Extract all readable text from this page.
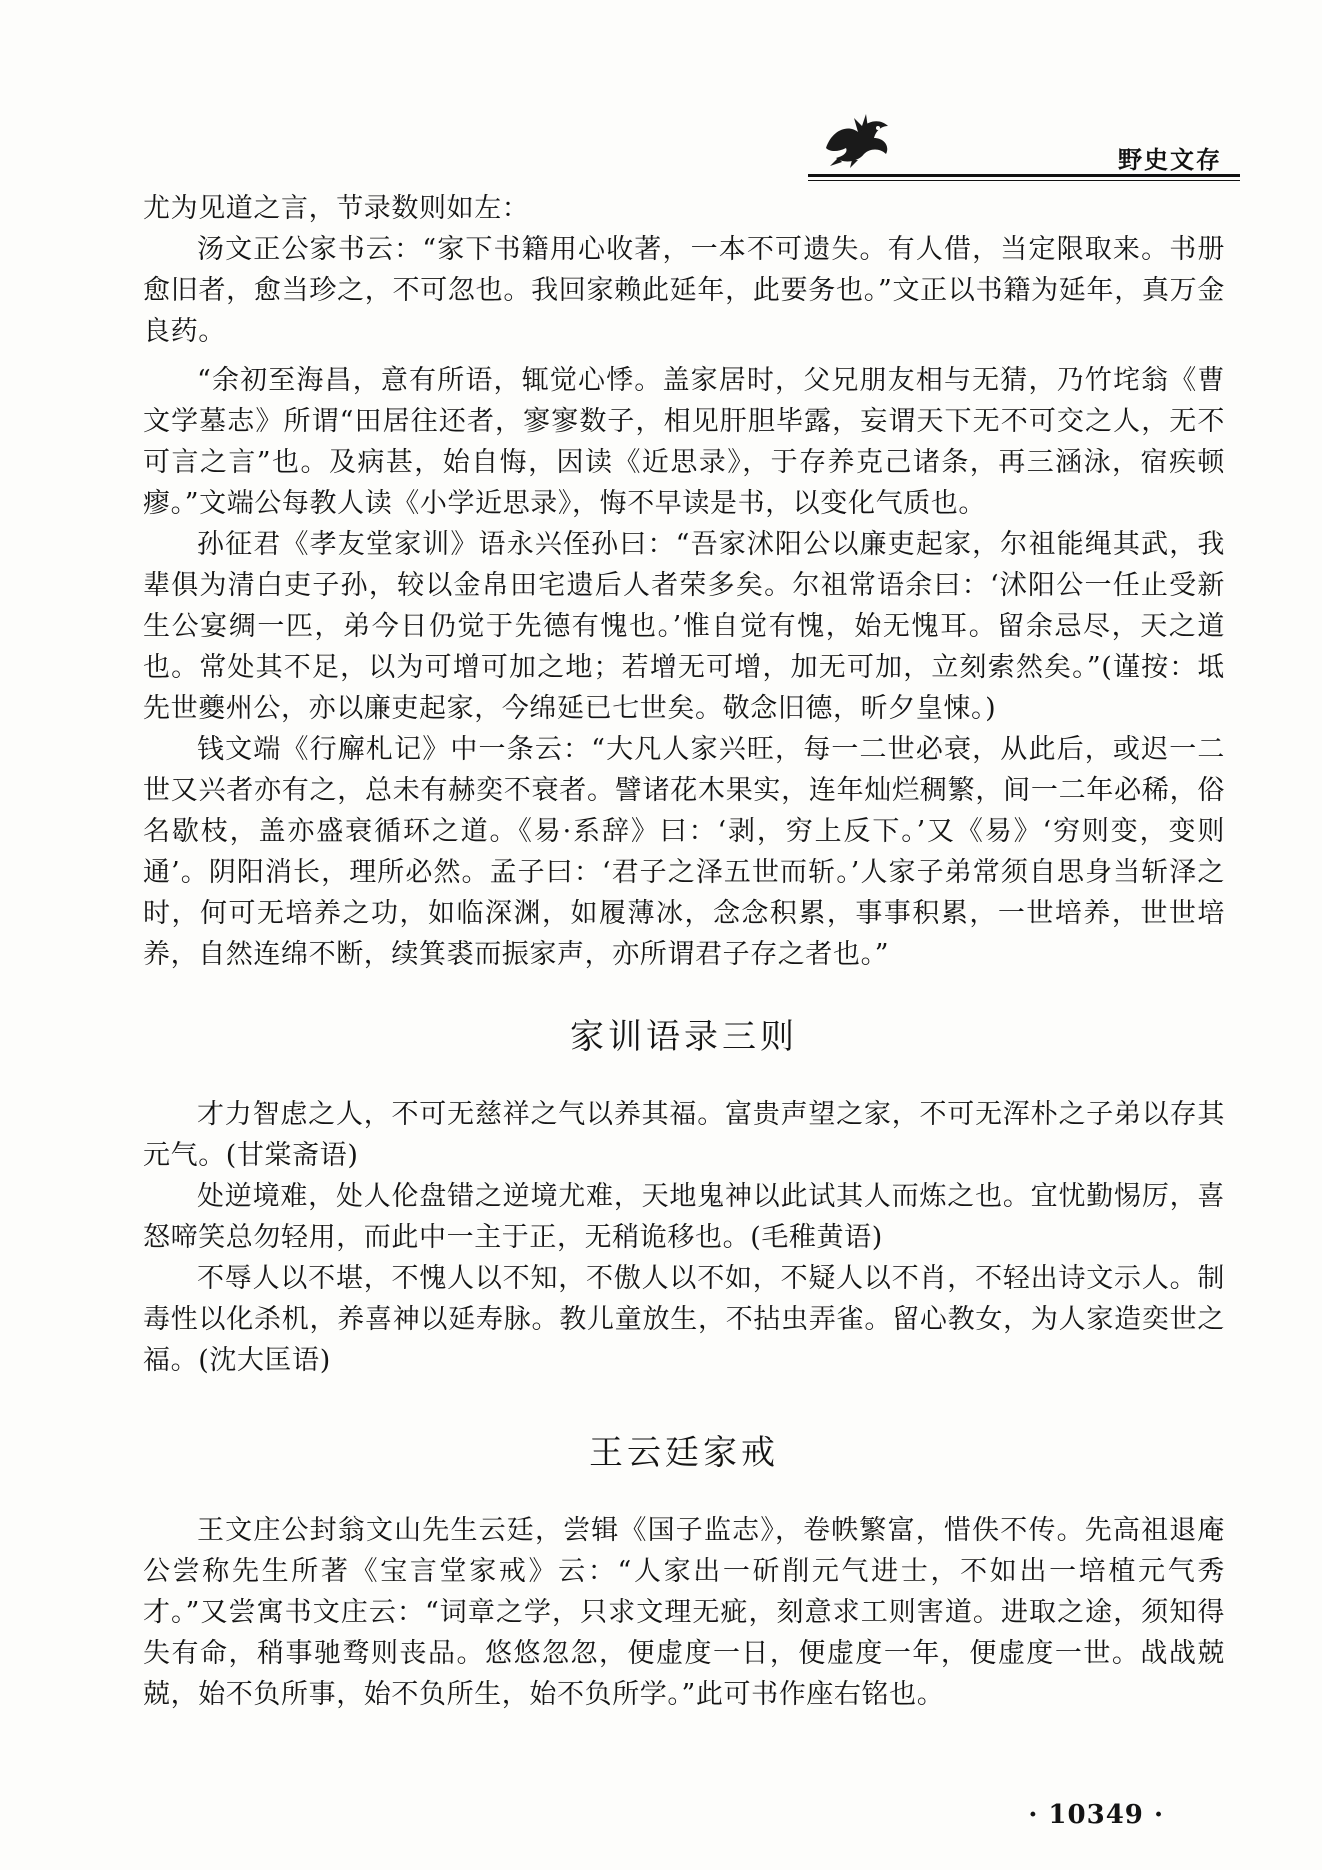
野史文存

尤为见道之言，节录数则如左：

汤文正公家书云：“家下书籍用心收著，一本不可遗失。有人借，当定限取来。书册愈旧者，愈当珍之，不可忽也。我回家赖此延年，此要务也。”文正以书籍为延年，真万金良药。

“余初至海昌，意有所语，辄觉心悸。盖家居时，父兄朋友相与无猜，乃竹垞翁《曹文学墓志》所谓“田居往还者，寥寥数子，相见肝胆毕露，妄谓天下无不可交之人，无不可言之言”也。及病甚，始自悔，因读《近思录》，于存养克己诸条，再三涵泳，宿疾顿瘳。”文端公每教人读《小学近思录》，悔不早读是书，以变化气质也。

孙征君《孝友堂家训》语永兴侄孙曰：“吾家沭阳公以廉吏起家，尔祖能绳其武，我辈俱为清白吏子孙，较以金帛田宅遗后人者荣多矣。尔祖常语余曰：‘沭阳公一任止受新生公宴绸一匹，弟今日仍觉于先德有愧也。’惟自觉有愧，始无愧耳。留余忌尽，天之道也。常处其不足，以为可增可加之地；若增无可增，加无可加，立刻索然矣。”(谨按：坻先世夔州公，亦以廉吏起家，今绵延已七世矣。敬念旧德，昕夕皇悚。)

钱文端《行廨札记》中一条云：“大凡人家兴旺，每一二世必衰，从此后，或迟一二世又兴者亦有之，总未有赫奕不衰者。譬诸花木果实，连年灿烂稠繁，间一二年必稀，俗名歇枝，盖亦盛衰循环之道。《易·系辞》曰：‘剥，穷上反下。’又《易》‘穷则变，变则通’。阴阳消长，理所必然。孟子曰：‘君子之泽五世而斩。’人家子弟常须自思身当斩泽之时，何可无培养之功，如临深渊，如履薄冰，念念积累，事事积累，一世培养，世世培养，自然连绵不断，续箕裘而振家声，亦所谓君子存之者也。”

家训语录三则

才力智虑之人，不可无慈祥之气以养其福。富贵声望之家，不可无浑朴之子弟以存其元气。(甘棠斋语)

处逆境难，处人伦盘错之逆境尤难，天地鬼神以此试其人而炼之也。宜忧勤惕厉，喜怒啼笑总勿轻用，而此中一主于正，无稍诡移也。(毛稚黄语)

不辱人以不堪，不愧人以不知，不傲人以不如，不疑人以不肖，不轻出诗文示人。制毒性以化杀机，养喜神以延寿脉。教儿童放生，不拈虫弄雀。留心教女，为人家造奕世之福。(沈大匡语)

王云廷家戒

王文庄公封翁文山先生云廷，尝辑《国子监志》，卷帙繁富，惜佚不传。先高祖退庵公尝称先生所著《宝言堂家戒》云：“人家出一斫削元气进士，不如出一培植元气秀才。”又尝寓书文庄云：“词章之学，只求文理无疵，刻意求工则害道。进取之途，须知得失有命，稍事驰骛则丧品。悠悠忽忽，便虚度一日，便虚度一年，便虚度一世。战战兢兢，始不负所事，始不负所生，始不负所学。”此可书作座右铭也。

· 10349 ·
